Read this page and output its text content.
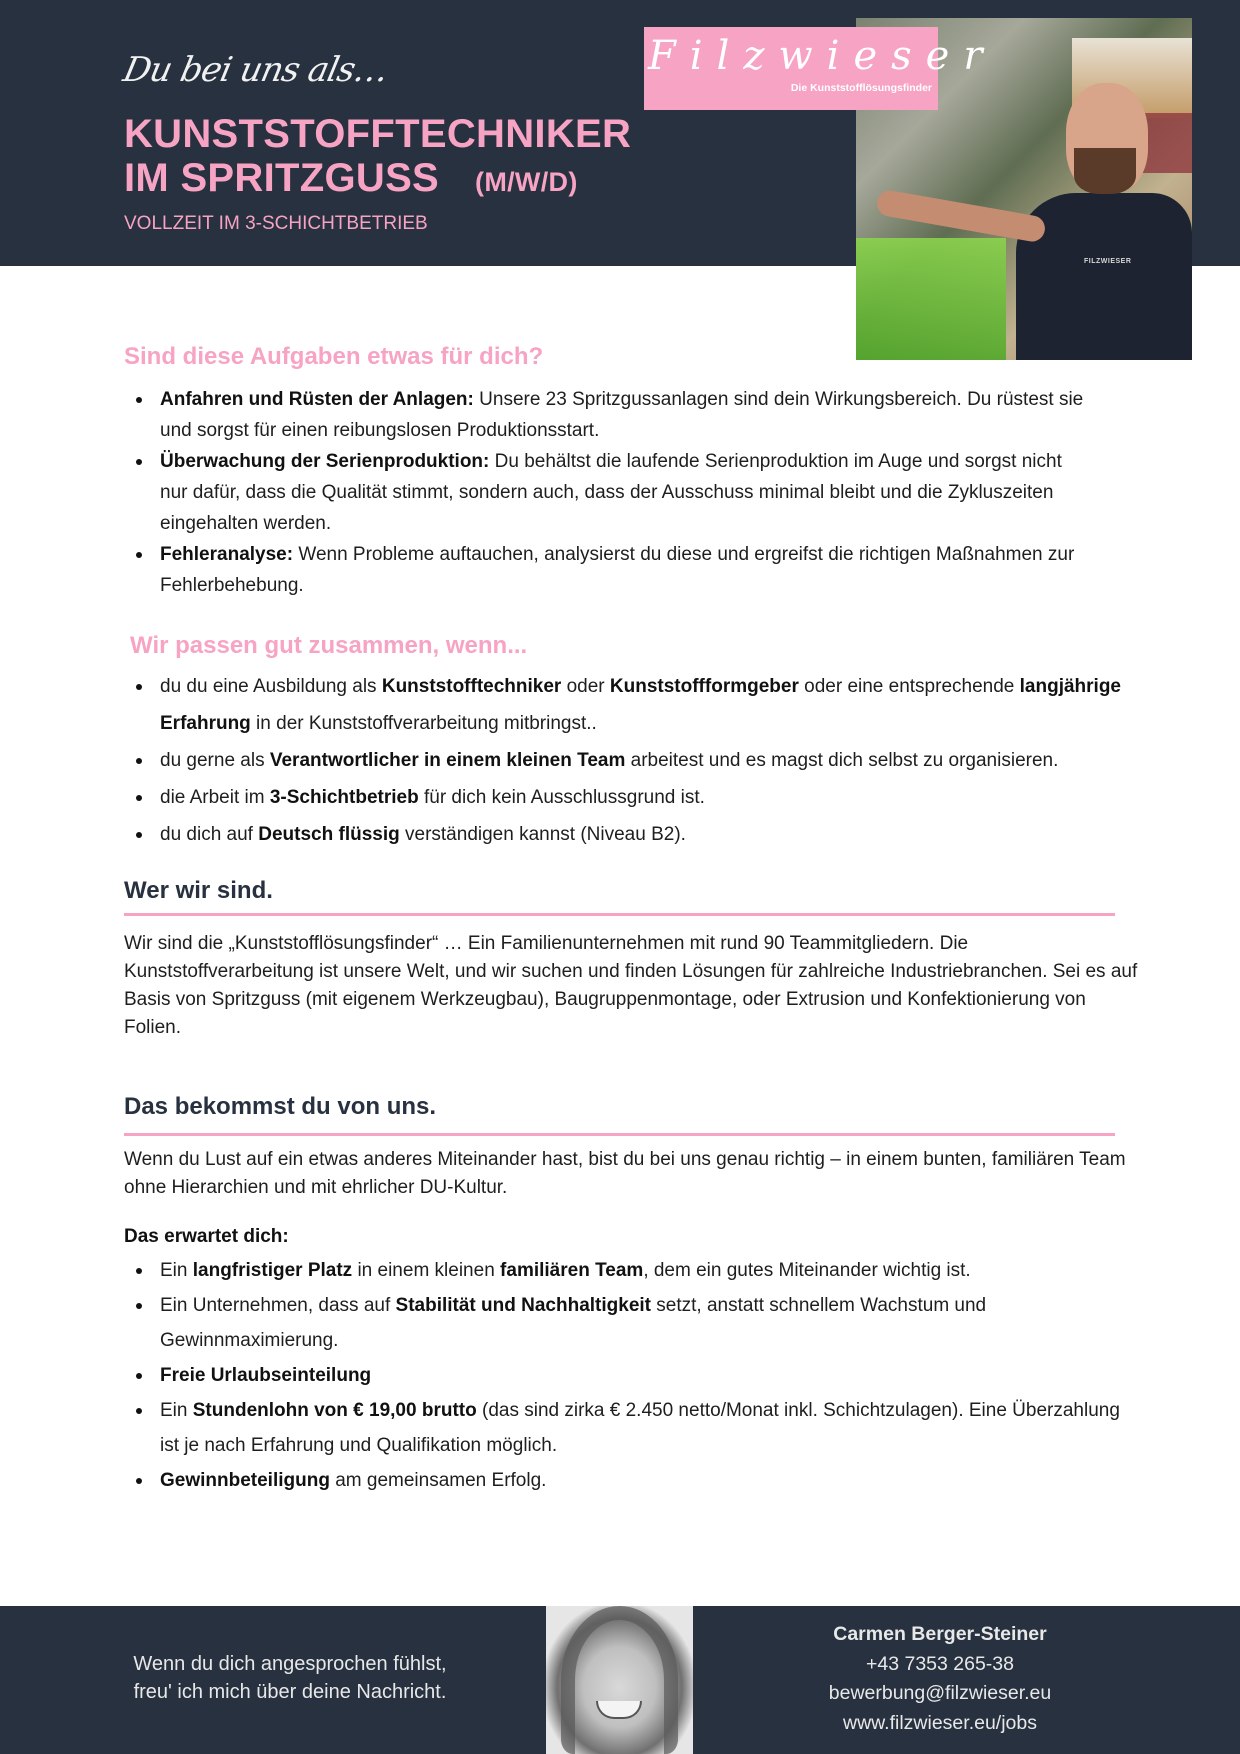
Du bei uns als…
KUNSTSTOFFTECHNIKER
IM SPRITZGUSS (M/W/D)
VOLLZEIT IM 3-SCHICHTBETRIEB
FILZWIESER
Filzwieser
Die Kunststofflösungsfinder
Sind diese Aufgaben etwas für dich?
Anfahren und Rüsten der Anlagen: Unsere 23 Spritzgussanlagen sind dein Wirkungsbereich. Du rüstest sie und sorgst für einen reibungslosen Produktionsstart.
Überwachung der Serienproduktion: Du behältst die laufende Serienproduktion im Auge und sorgst nicht nur dafür, dass die Qualität stimmt, sondern auch, dass der Ausschuss minimal bleibt und die Zykluszeiten eingehalten werden.
Fehleranalyse: Wenn Probleme auftauchen, analysierst du diese und ergreifst die richtigen Maßnahmen zur Fehlerbehebung.
Wir passen gut zusammen, wenn...
du du eine Ausbildung als Kunststofftechniker oder Kunststoffformgeber oder eine entsprechende langjährige Erfahrung in der Kunststoffverarbeitung mitbringst..
du gerne als Verantwortlicher in einem kleinen Team arbeitest und es magst dich selbst zu organisieren.
die Arbeit im 3-Schichtbetrieb für dich kein Ausschlussgrund ist.
du dich auf Deutsch flüssig verständigen kannst (Niveau B2).
Wer wir sind.
Wir sind die „Kunststofflösungsfinder“ … Ein Familienunternehmen mit rund 90 Teammitgliedern. Die Kunststoffverarbeitung ist unsere Welt, und wir suchen und finden Lösungen für zahlreiche Industriebranchen. Sei es auf Basis von Spritzguss (mit eigenem Werkzeugbau), Baugruppenmontage, oder Extrusion und Konfektionierung von Folien.
Das bekommst du von uns.
Wenn du Lust auf ein etwas anderes Miteinander hast, bist du bei uns genau richtig – in einem bunten, familiären Team ohne Hierarchien und mit ehrlicher DU-Kultur.
Das erwartet dich:
Ein langfristiger Platz in einem kleinen familiären Team, dem ein gutes Miteinander wichtig ist.
Ein Unternehmen, dass auf Stabilität und Nachhaltigkeit setzt, anstatt schnellem Wachstum und Gewinnmaximierung.
Freie Urlaubseinteilung
Ein Stundenlohn von € 19,00 brutto (das sind zirka € 2.450 netto/Monat inkl. Schichtzulagen). Eine Überzahlung ist je nach Erfahrung und Qualifikation möglich.
Gewinnbeteiligung am gemeinsamen Erfolg.
Wenn du dich angesprochen fühlst,
freu' ich mich über deine Nachricht.
Carmen Berger-Steiner
+43 7353 265-38
bewerbung@filzwieser.eu
www.filzwieser.eu/jobs
